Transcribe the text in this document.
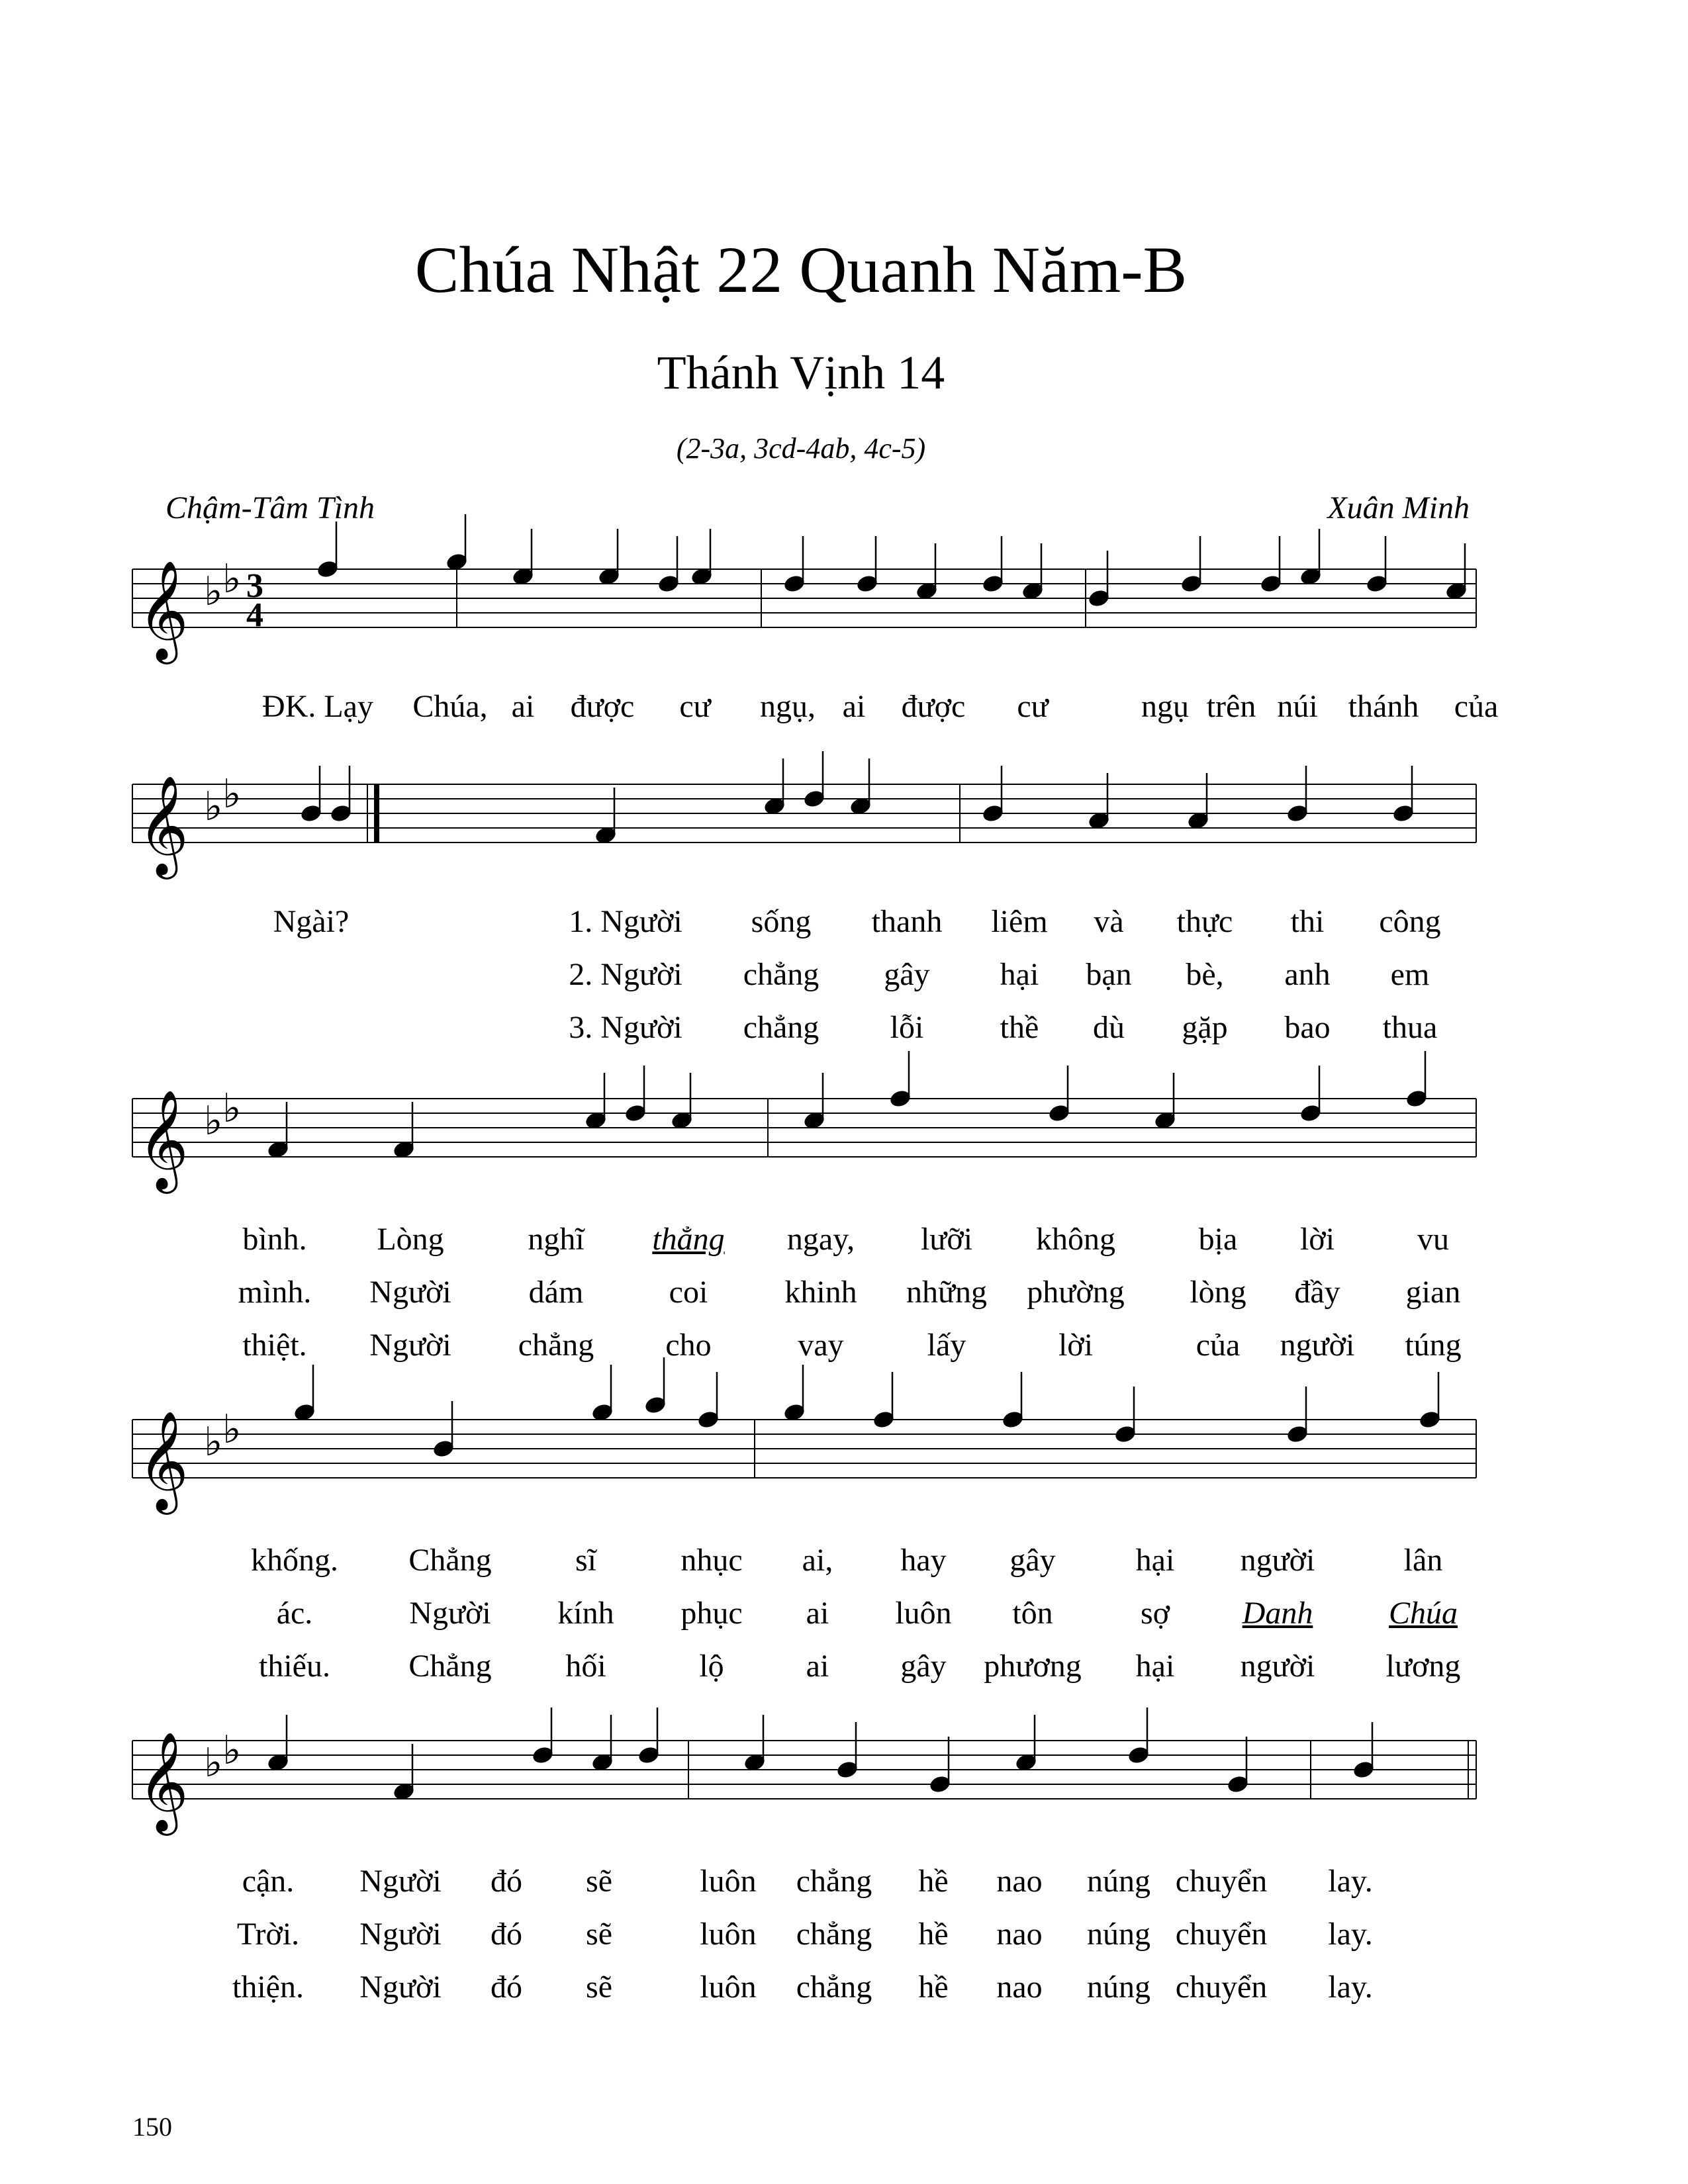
Chúa Nhật 22 Quanh Năm-B
Thánh Vịnh 14
(2-3a, 3cd-4ab, 4c-5)
Chậm-Tâm Tình	Xuân Minh
𝄞 ♭ ♭ 3
4
ĐK. Lạy Chúa, ai được cư ngụ, ai được cư	ngụ trên núi thánh của
𝄞 ♭ ♭
Ngài?	1. Người sống thanh liêm và thực thi công
2. Người chẳng gây hại bạn bè, anh em
3. Người chẳng lỗi thề dù gặp bao thua
𝄞 ♭ ♭
bình. Lòng	nghĩ thẳng ngay, lưỡi không	bịa lời	vu
mình. Người dám	coi khinh những phường lòng đầy gian
thiệt. Người chẳng cho	vay	lấy	lời	của người túng
𝄞 ♭ ♭
khống. Chẳng	sĩ	nhục ai, hay gây	hại người	lân
ác.	Người kính phục ai luôn tôn	sợ Danh Chúa
thiếu. Chẳng hối	lộ	ai gây phương hại người lương
𝄞 ♭ ♭
cận. Người đó sẽ	luôn chẳng hề nao núng chuyển lay.
Trời. Người đó sẽ	luôn chẳng hề nao núng chuyển lay.
thiện. Người đó sẽ	luôn chẳng hề nao núng chuyển lay.
150
